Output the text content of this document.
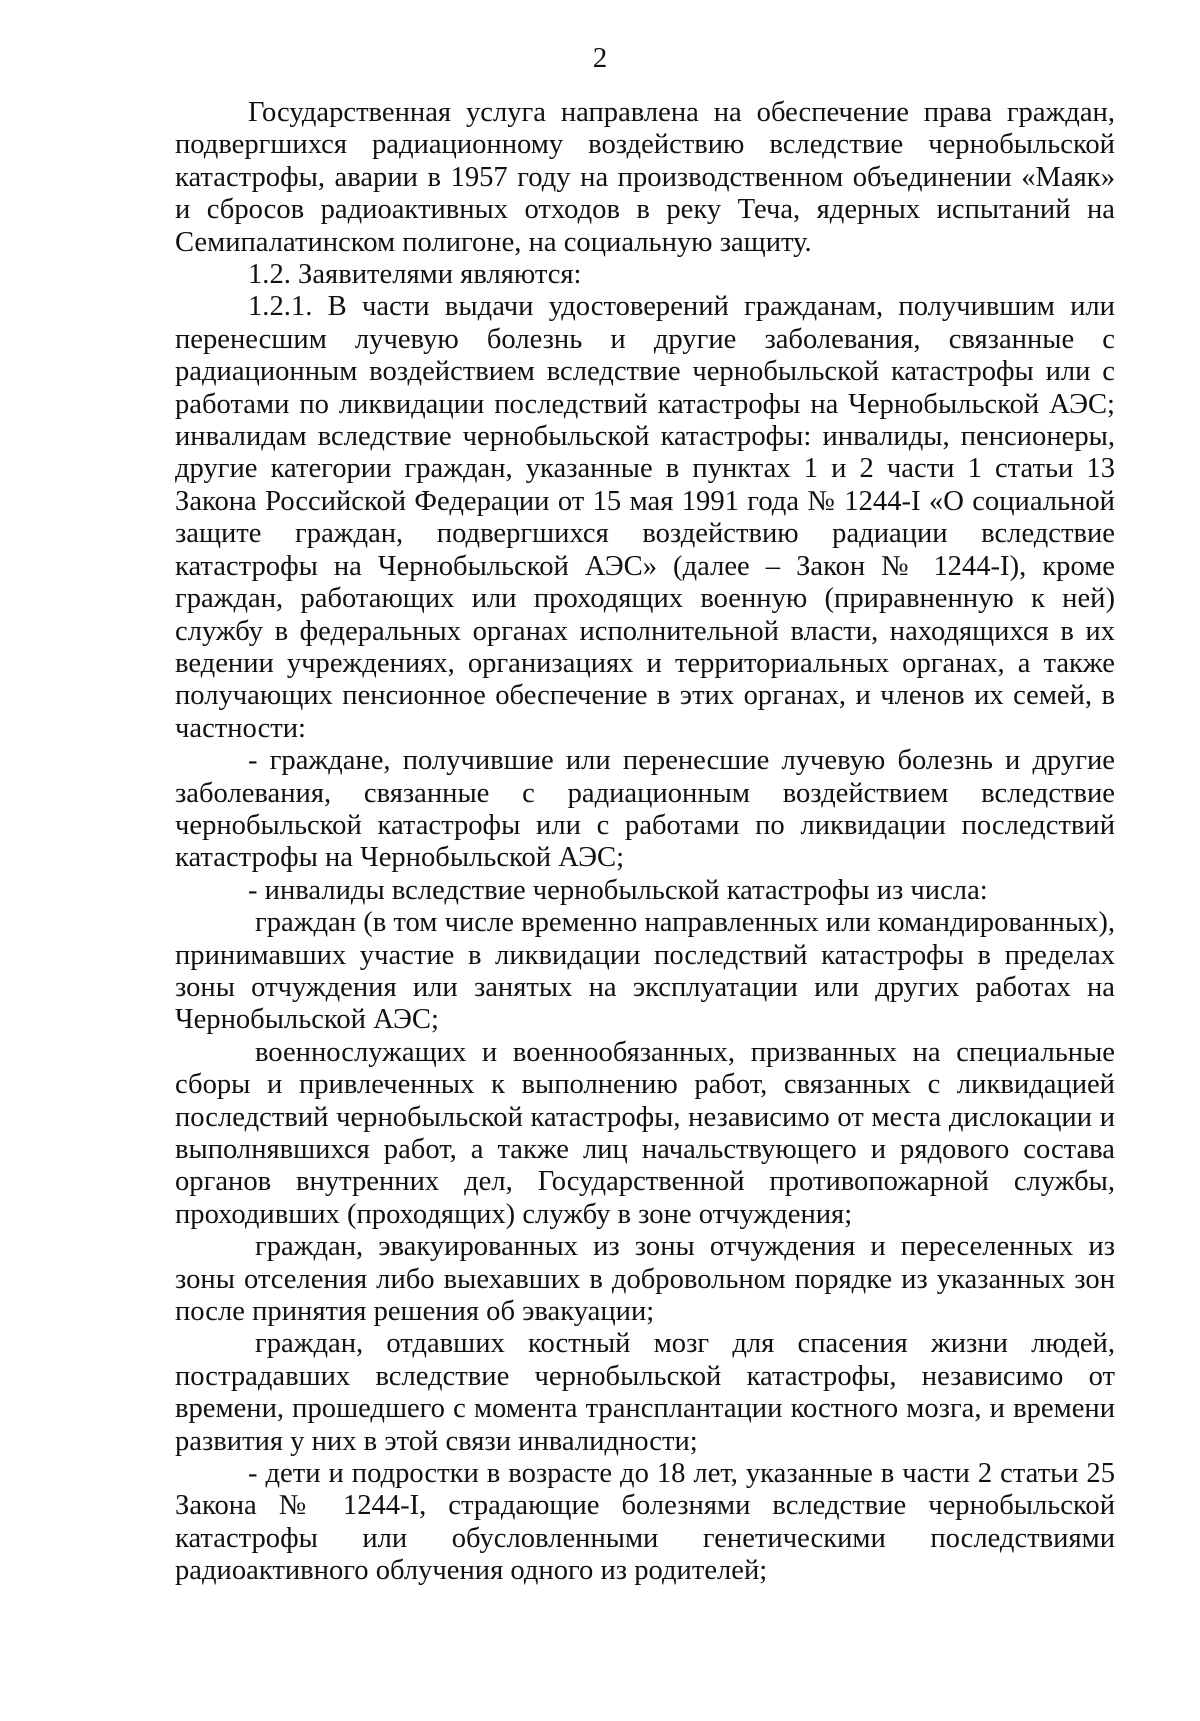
2

Государственная услуга направлена на обеспечение права граждан, подвергшихся радиационному воздействию вследствие чернобыльской катастрофы, аварии в 1957 году на производственном объединении «Маяк» и сбросов радиоактивных отходов в реку Теча, ядерных испытаний на Семипалатинском полигоне, на социальную защиту.

1.2. Заявителями являются:

1.2.1. В части выдачи удостоверений гражданам, получившим или перенесшим лучевую болезнь и другие заболевания, связанные с радиационным воздействием вследствие чернобыльской катастрофы или с работами по ликвидации последствий катастрофы на Чернобыльской АЭС; инвалидам вследствие чернобыльской катастрофы: инвалиды, пенсионеры, другие категории граждан, указанные в пунктах 1 и 2 части 1 статьи 13 Закона Российской Федерации от 15 мая 1991 года № 1244-I «О социальной защите граждан, подвергшихся воздействию радиации вследствие катастрофы на Чернобыльской АЭС» (далее – Закон № 1244-I), кроме граждан, работающих или проходящих военную (приравненную к ней) службу в федеральных органах исполнительной власти, находящихся в их ведении учреждениях, организациях и территориальных органах, а также получающих пенсионное обеспечение в этих органах, и членов их семей, в частности:

- граждане, получившие или перенесшие лучевую болезнь и другие заболевания, связанные с радиационным воздействием вследствие чернобыльской катастрофы или с работами по ликвидации последствий катастрофы на Чернобыльской АЭС;

- инвалиды вследствие чернобыльской катастрофы из числа:

граждан (в том числе временно направленных или командированных), принимавших участие в ликвидации последствий катастрофы в пределах зоны отчуждения или занятых на эксплуатации или других работах на Чернобыльской АЭС;

военнослужащих и военнообязанных, призванных на специальные сборы и привлеченных к выполнению работ, связанных с ликвидацией последствий чернобыльской катастрофы, независимо от места дислокации и выполнявшихся работ, а также лиц начальствующего и рядового состава органов внутренних дел, Государственной противопожарной службы, проходивших (проходящих) службу в зоне отчуждения;

граждан, эвакуированных из зоны отчуждения и переселенных из зоны отселения либо выехавших в добровольном порядке из указанных зон после принятия решения об эвакуации;

граждан, отдавших костный мозг для спасения жизни людей, пострадавших вследствие чернобыльской катастрофы, независимо от времени, прошедшего с момента трансплантации костного мозга, и времени развития у них в этой связи инвалидности;

- дети и подростки в возрасте до 18 лет, указанные в части 2 статьи 25 Закона № 1244-I, страдающие болезнями вследствие чернобыльской катастрофы или обусловленными генетическими последствиями радиоактивного облучения одного из родителей;
